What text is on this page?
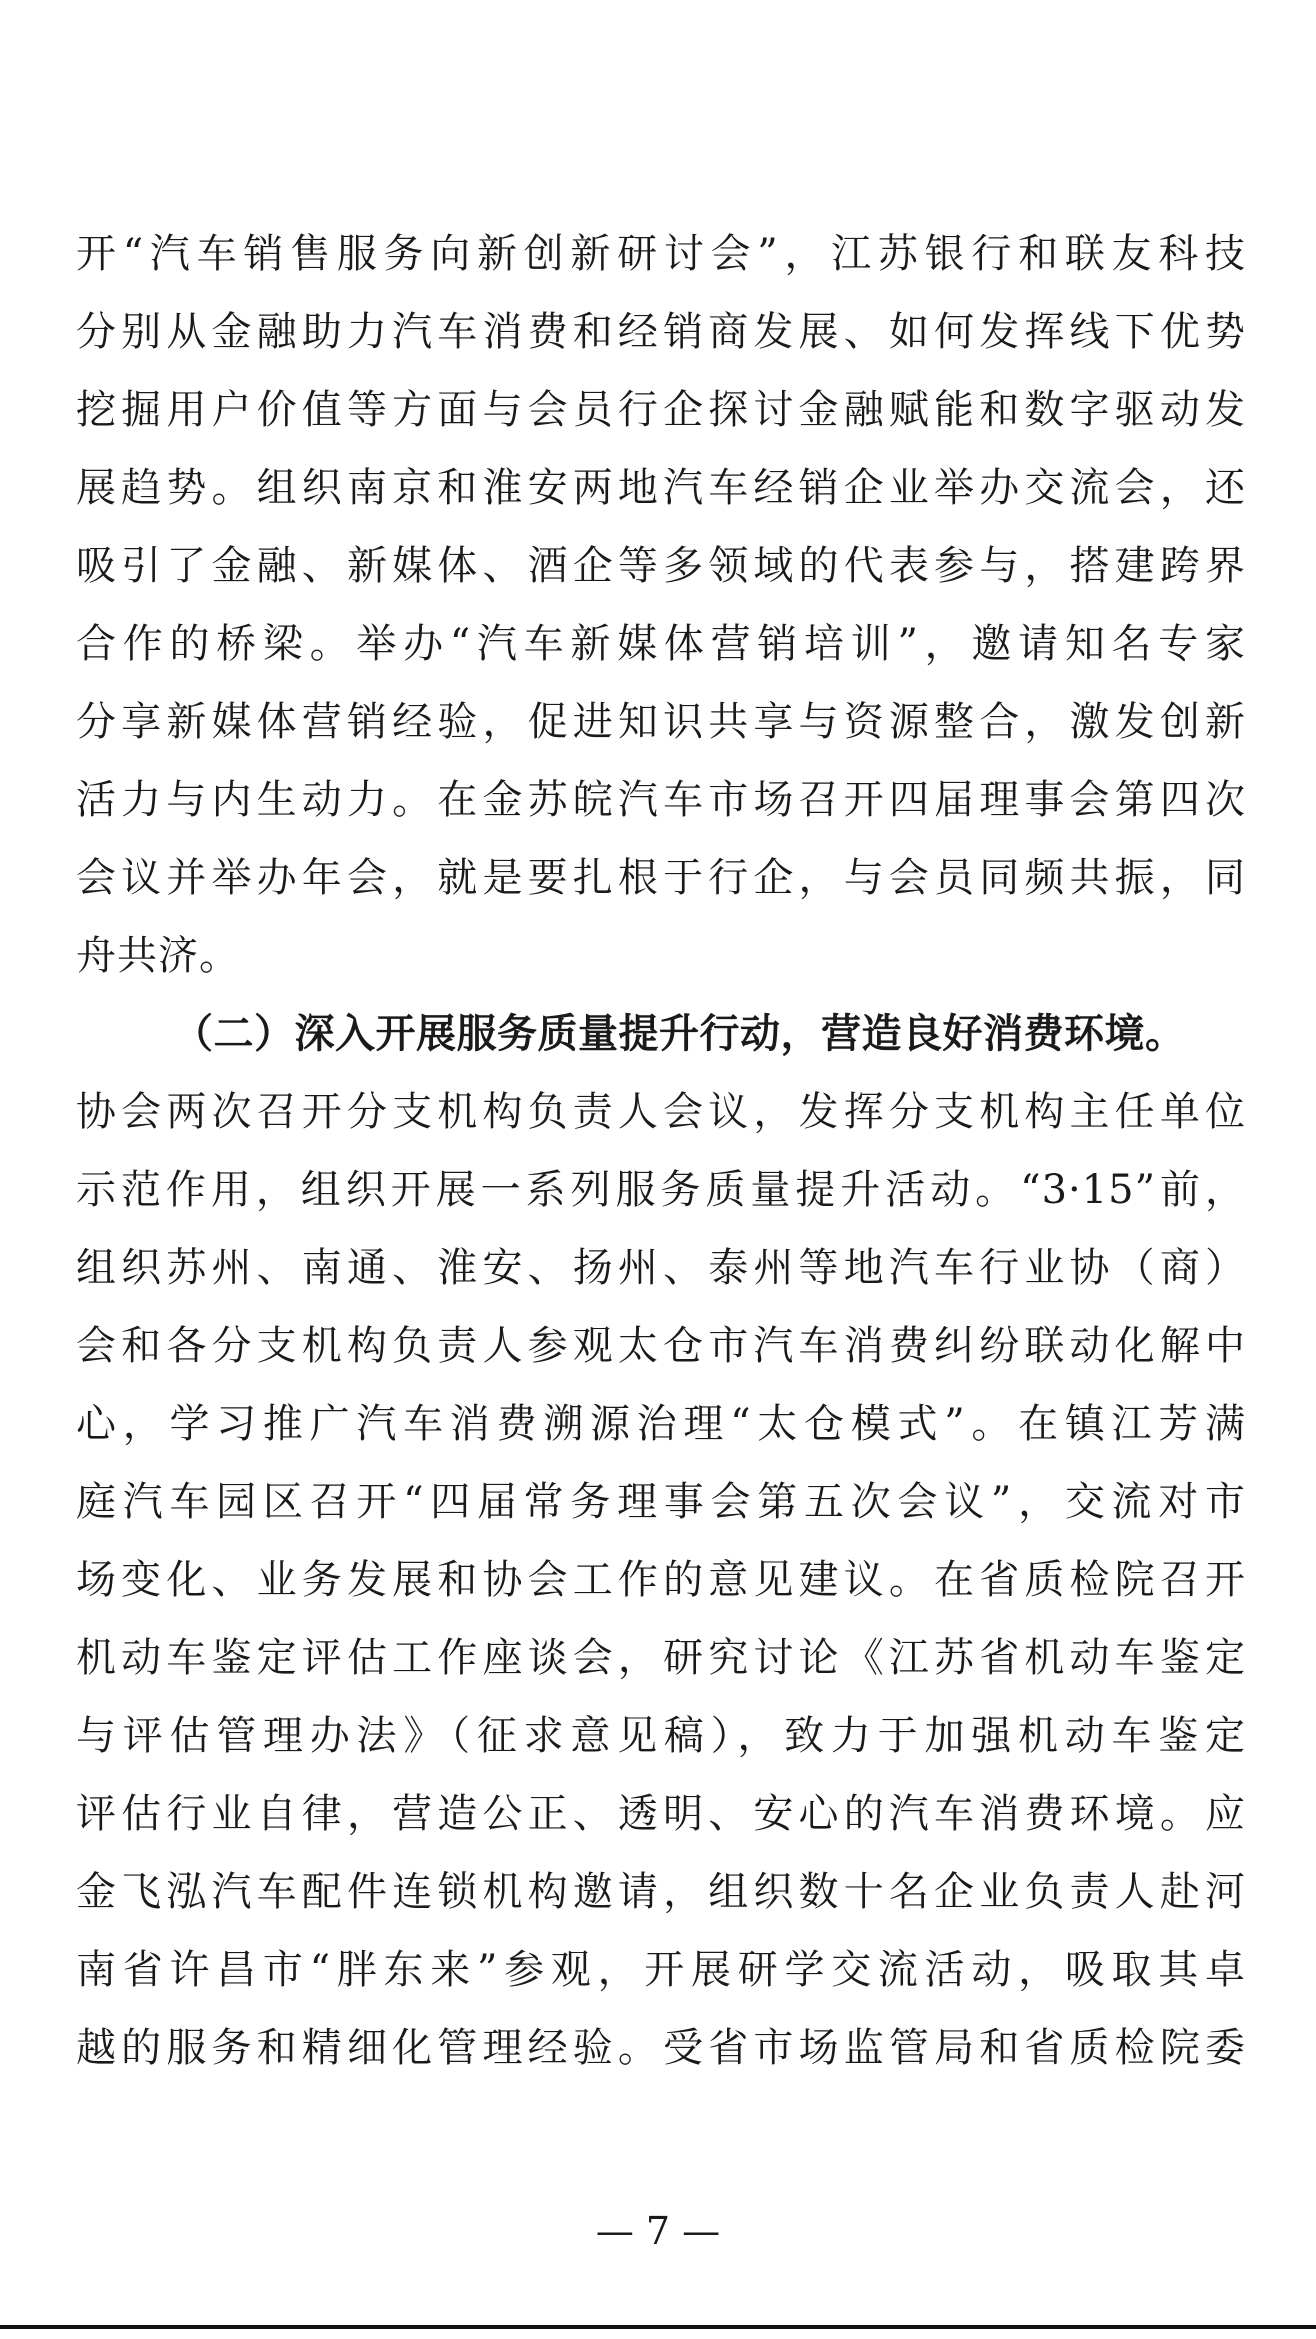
开“汽车销售服务向新创新研讨会”，江苏银行和联友科技
分别从金融助力汽车消费和经销商发展、如何发挥线下优势
挖掘用户价值等方面与会员行企探讨金融赋能和数字驱动发
展趋势。组织南京和淮安两地汽车经销企业举办交流会，还
吸引了金融、新媒体、酒企等多领域的代表参与，搭建跨界
合作的桥梁。举办“汽车新媒体营销培训”，邀请知名专家
分享新媒体营销经验，促进知识共享与资源整合，激发创新
活力与内生动力。在金苏皖汽车市场召开四届理事会第四次
会议并举办年会，就是要扎根于行企，与会员同频共振，同
舟共济。
（二）深入开展服务质量提升行动，营造良好消费环境。
协会两次召开分支机构负责人会议，发挥分支机构主任单位
示范作用，组织开展一系列服务质量提升活动。“3·15”前，
组织苏州、南通、淮安、扬州、泰州等地汽车行业协（商）
会和各分支机构负责人参观太仓市汽车消费纠纷联动化解中
心，学习推广汽车消费溯源治理“太仓模式”。在镇江芳满
庭汽车园区召开“四届常务理事会第五次会议”，交流对市
场变化、业务发展和协会工作的意见建议。在省质检院召开
机动车鉴定评估工作座谈会，研究讨论《江苏省机动车鉴定
与评估管理办法》（征求意见稿），致力于加强机动车鉴定
评估行业自律，营造公正、透明、安心的汽车消费环境。应
金飞泓汽车配件连锁机构邀请，组织数十名企业负责人赴河
南省许昌市“胖东来”参观，开展研学交流活动，吸取其卓
越的服务和精细化管理经验。受省市场监管局和省质检院委
— 7 —
